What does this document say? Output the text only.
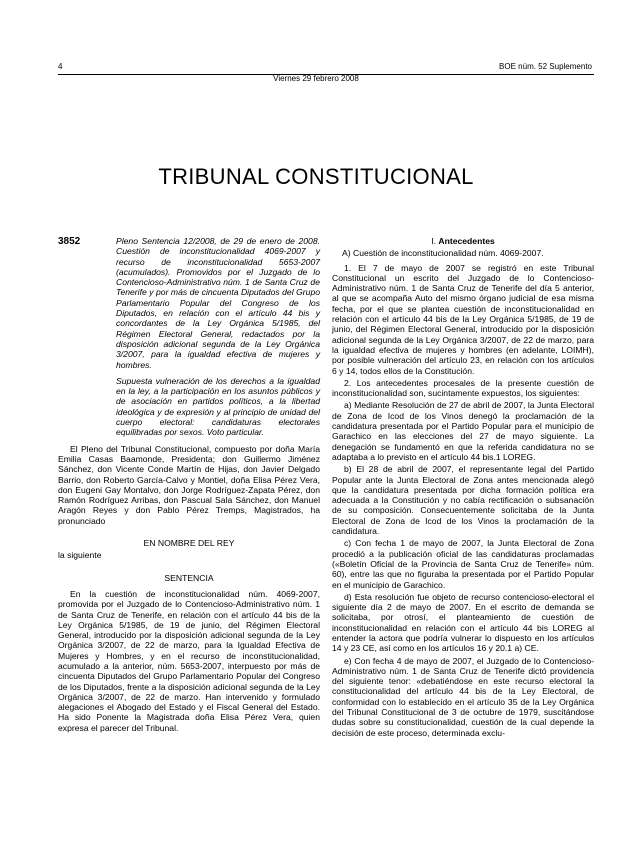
4
Viernes 29 febrero 2008
BOE núm. 52 Suplemento
TRIBUNAL CONSTITUCIONAL
3852	Pleno Sentencia 12/2008, de 29 de enero de 2008. Cuestión de inconstitucionalidad 4069-2007 y recurso de inconstitucionalidad 5653-2007 (acumulados). Promovidos por el Juzgado de lo Contencioso-Administrativo núm. 1 de Santa Cruz de Tenerife y por más de cincuenta Diputados del Grupo Parlamentario Popular del Congreso de los Diputados, en relación con el artículo 44 bis y concordantes de la Ley Orgánica 5/1985, del Régimen Electoral General, redactados por la disposición adicional segunda de la Ley Orgánica 3/2007, para la igualdad efectiva de mujeres y hombres.

Supuesta vulneración de los derechos a la igualdad en la ley, a la participación en los asuntos públicos y de asociación en partidos políticos, a la libertad ideológica y de expresión y al principio de unidad del cuerpo electoral: candidaturas electorales equilibradas por sexos. Voto particular.

El Pleno del Tribunal Constitucional, compuesto por doña María Emilia Casas Baamonde, Presidenta; don Guillermo Jiménez Sánchez, don Vicente Conde Martín de Hijas, don Javier Delgado Barrio, don Roberto García-Calvo y Montiel, doña Elisa Pérez Vera, don Eugeni Gay Montalvo, don Jorge Rodríguez-Zapata Pérez, don Ramón Rodríguez Arribas, don Pascual Sala Sánchez, don Manuel Aragón Reyes y don Pablo Pérez Tremps, Magistrados, ha pronunciado

EN NOMBRE DEL REY

la siguiente

SENTENCIA

En la cuestión de inconstitucionalidad núm. 4069-2007, promovida por el Juzgado de lo Contencioso-Administrativo núm. 1 de Santa Cruz de Tenerife, en relación con el artículo 44 bis de la Ley Orgánica 5/1985, de 19 de junio, del Régimen Electoral General, introducido por la disposición adicional segunda de la Ley Orgánica 3/2007, de 22 de marzo, para la Igualdad Efectiva de Mujeres y Hombres, y en el recurso de inconstitucionalidad, acumulado a la anterior, núm. 5653-2007, interpuesto por más de cincuenta Diputados del Grupo Parlamentario Popular del Congreso de los Diputados, frente a la disposición adicional segunda de la Ley Orgánica 3/2007, de 22 de marzo. Han intervenido y formulado alegaciones el Abogado del Estado y el Fiscal General del Estado. Ha sido Ponente la Magistrada doña Elisa Pérez Vera, quien expresa el parecer del Tribunal.

I. Antecedentes

A) Cuestión de inconstitucionalidad núm. 4069-2007.

1. El 7 de mayo de 2007 se registró en este Tribunal Constitucional un escrito del Juzgado de lo Contencioso-Administrativo núm. 1 de Santa Cruz de Tenerife del día 5 anterior, al que se acompaña Auto del mismo órgano judicial de esa misma fecha, por el que se plantea cuestión de inconstitucionalidad en relación con el artículo 44 bis de la Ley Orgánica 5/1985, de 19 de junio, del Régimen Electoral General, introducido por la disposición adicional segunda de la Ley Orgánica 3/2007, de 22 de marzo, para la igualdad efectiva de mujeres y hombres (en adelante, LOIMH), por posible vulneración del artículo 23, en relación con los artículos 6 y 14, todos ellos de la Constitución.

2. Los antecedentes procesales de la presente cuestión de inconstitucionalidad son, sucintamente expuestos, los siguientes:

a) Mediante Resolución de 27 de abril de 2007, la Junta Electoral de Zona de Icod de los Vinos denegó la proclamación de la candidatura presentada por el Partido Popular para el municipio de Garachico en las elecciones del 27 de mayo siguiente. La denegación se fundamentó en que la referida candidatura no se adaptaba a lo previsto en el artículo 44 bis.1 LOREG.

b) El 28 de abril de 2007, el representante legal del Partido Popular ante la Junta Electoral de Zona antes mencionada alegó que la candidatura presentada por dicha formación política era adecuada a la Constitución y no cabía rectificación o subsanación de su composición. Consecuentemente solicitaba de la Junta Electoral de Zona de Icod de los Vinos la proclamación de la candidatura.

c) Con fecha 1 de mayo de 2007, la Junta Electoral de Zona procedió a la publicación oficial de las candidaturas proclamadas («Boletín Oficial de la Provincia de Santa Cruz de Tenerife» núm. 60), entre las que no figuraba la presentada por el Partido Popular en el municipio de Garachico.

d) Esta resolución fue objeto de recurso contencioso-electoral el siguiente día 2 de mayo de 2007. En el escrito de demanda se solicitaba, por otrosí, el planteamiento de cuestión de inconstitucionalidad en relación con el artículo 44 bis LOREG al entender la actora que podría vulnerar lo dispuesto en los artículos 14 y 23 CE, así como en los artículos 16 y 20.1 a) CE.

e) Con fecha 4 de mayo de 2007, el Juzgado de lo Contencioso-Administrativo núm. 1 de Santa Cruz de Tenerife dictó providencia del siguiente tenor: «debatiéndose en este recurso electoral la constitucionalidad del artículo 44 bis de la Ley Electoral, de conformidad con lo establecido en el artículo 35 de la Ley Orgánica del Tribunal Constitucional de 3 de octubre de 1979, suscitándose dudas sobre su constitucionalidad, cuestión de la cual depende la decisión de este proceso, determinada exclu-
